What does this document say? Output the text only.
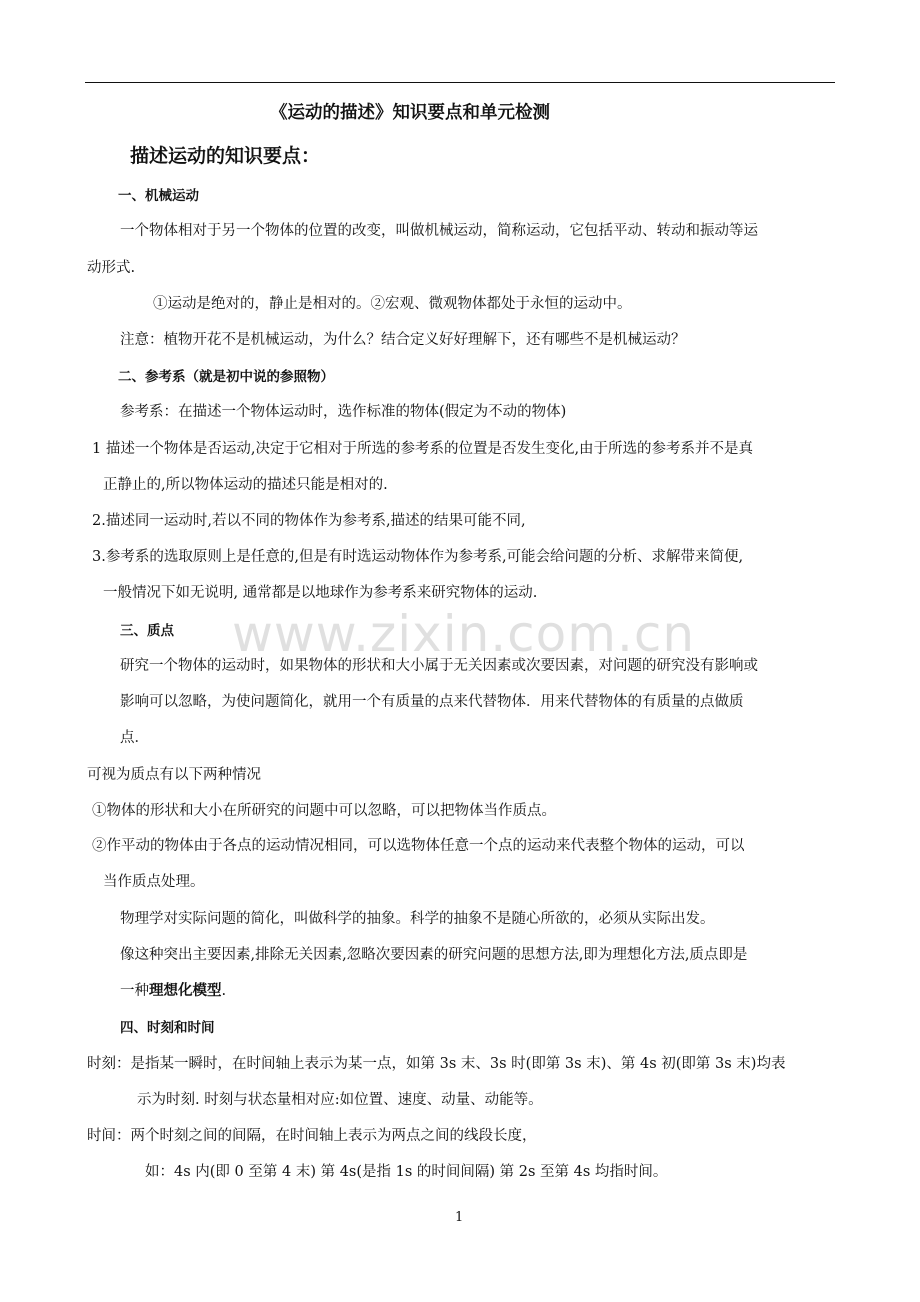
《运动的描述》知识要点和单元检测
描述运动的知识要点：
一、机械运动
一个物体相对于另一个物体的位置的改变，叫做机械运动，简称运动，它包括平动、转动和振动等运
动形式.
①运动是绝对的，静止是相对的。②宏观、微观物体都处于永恒的运动中。
注意：植物开花不是机械运动，为什么？结合定义好好理解下，还有哪些不是机械运动？
二、参考系（就是初中说的参照物）
参考系：在描述一个物体运动时，选作标准的物体(假定为不动的物体)
1 描述一个物体是否运动,决定于它相对于所选的参考系的位置是否发生变化,由于所选的参考系并不是真
正静止的,所以物体运动的描述只能是相对的.
2.描述同一运动时,若以不同的物体作为参考系,描述的结果可能不同,
3.参考系的选取原则上是任意的,但是有时选运动物体作为参考系,可能会给问题的分析、求解带来简便,
一般情况下如无说明, 通常都是以地球作为参考系来研究物体的运动.
www.zixin.com.cn
三、质点
研究一个物体的运动时，如果物体的形状和大小属于无关因素或次要因素，对问题的研究没有影响或
影响可以忽略，为使问题简化，就用一个有质量的点来代替物体．用来代替物体的有质量的点做质
点．
可视为质点有以下两种情况
①物体的形状和大小在所研究的问题中可以忽略，可以把物体当作质点。
②作平动的物体由于各点的运动情况相同，可以选物体任意一个点的运动来代表整个物体的运动，可以
当作质点处理。
物理学对实际问题的简化，叫做科学的抽象。科学的抽象不是随心所欲的，必须从实际出发。
像这种突出主要因素,排除无关因素,忽略次要因素的研究问题的思想方法,即为理想化方法,质点即是
一种理想化模型.
四、时刻和时间
时刻：是指某一瞬时，在时间轴上表示为某一点，如第 3s 末、3s 时(即第 3s 末)、第 4s 初(即第 3s 末)均表
示为时刻. 时刻与状态量相对应:如位置、速度、动量、动能等。
时间：两个时刻之间的间隔，在时间轴上表示为两点之间的线段长度，
如：4s 内(即 0 至第 4 末) 第 4s(是指 1s 的时间间隔) 第 2s 至第 4s 均指时间。
1
